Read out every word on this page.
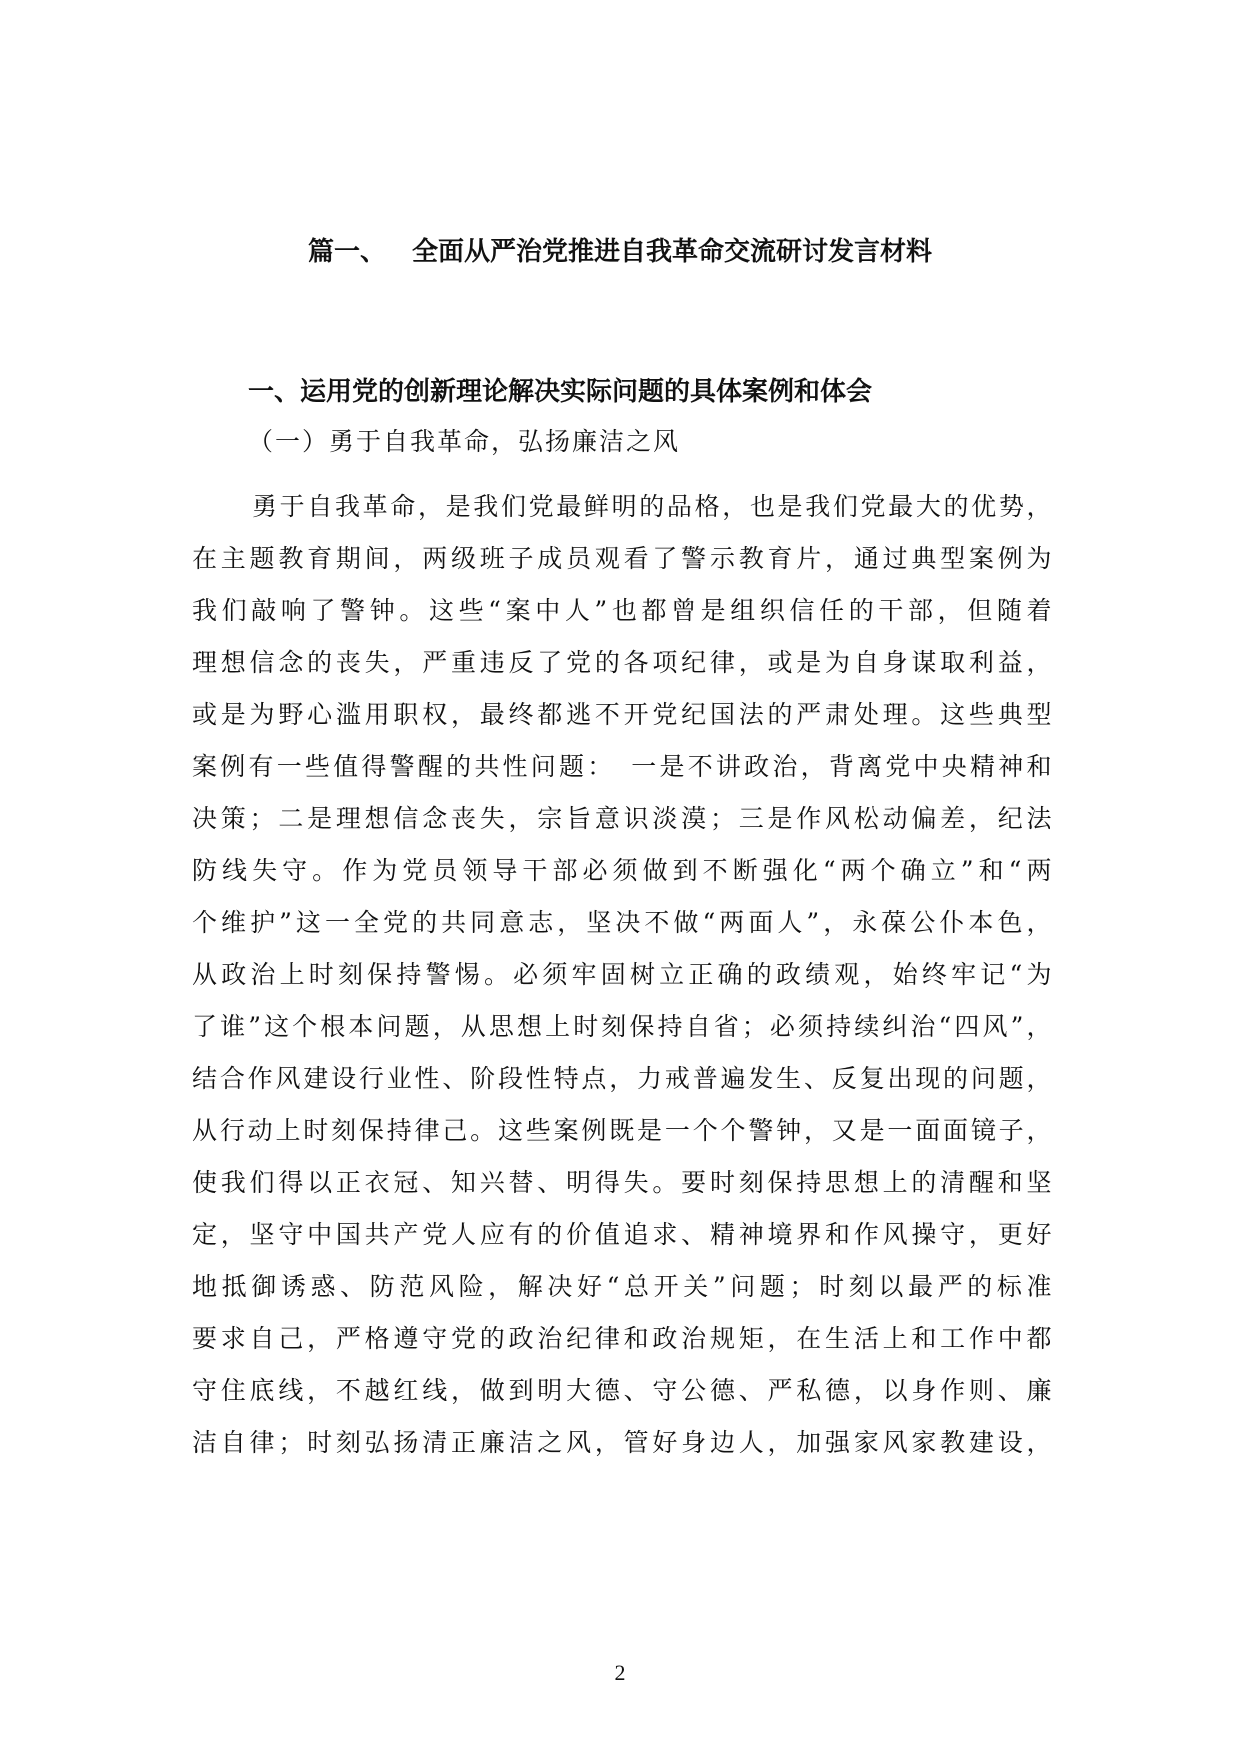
篇一、 全面从严治党推进自我革命交流研讨发言材料
一、运用党的创新理论解决实际问题的具体案例和体会
（一）勇于自我革命，弘扬廉洁之风
勇于自我革命，是我们党最鲜明的品格，也是我们党最大的优势，
在主题教育期间，两级班子成员观看了警示教育片，通过典型案例为
我们敲响了警钟。这些“案中人”也都曾是组织信任的干部，但随着
理想信念的丧失，严重违反了党的各项纪律，或是为自身谋取利益，
或是为野心滥用职权，最终都逃不开党纪国法的严肃处理。这些典型
案例有一些值得警醒的共性问题：　一是不讲政治，背离党中央精神和
决策；二是理想信念丧失，宗旨意识淡漠；三是作风松动偏差，纪法
防线失守。作为党员领导干部必须做到不断强化“两个确立”和“两
个维护”这一全党的共同意志，坚决不做“两面人”，永葆公仆本色，
从政治上时刻保持警惕。必须牢固树立正确的政绩观，始终牢记“为
了谁”这个根本问题，从思想上时刻保持自省；必须持续纠治“四风”，
结合作风建设行业性、阶段性特点，力戒普遍发生、反复出现的问题，
从行动上时刻保持律己。这些案例既是一个个警钟，又是一面面镜子，
使我们得以正衣冠、知兴替、明得失。要时刻保持思想上的清醒和坚
定，坚守中国共产党人应有的价值追求、精神境界和作风操守，更好
地抵御诱惑、防范风险，解决好“总开关”问题；时刻以最严的标准
要求自己，严格遵守党的政治纪律和政治规矩，在生活上和工作中都
守住底线，不越红线，做到明大德、守公德、严私德，以身作则、廉
洁自律；时刻弘扬清正廉洁之风，管好身边人，加强家风家教建设，
2
